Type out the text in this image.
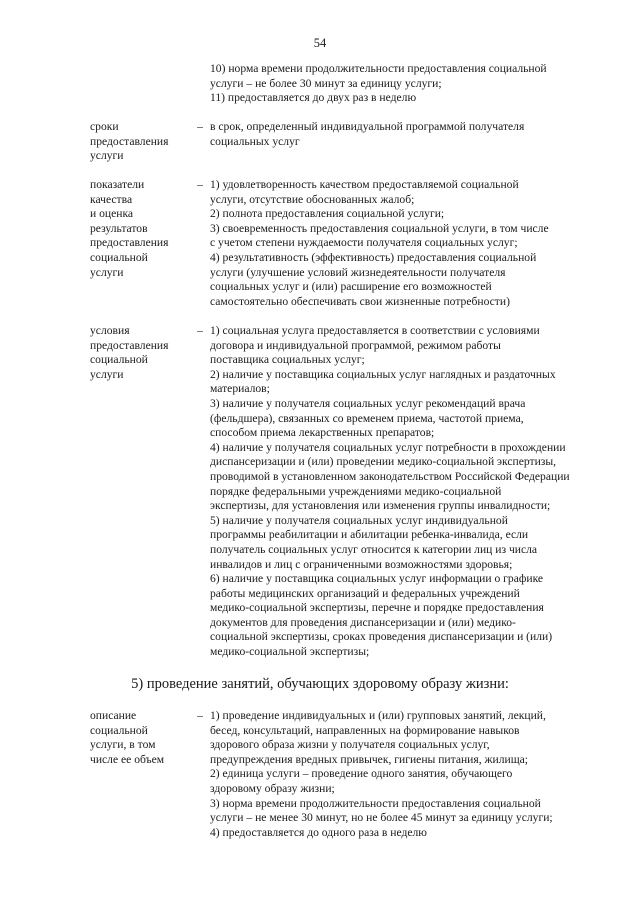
54
10) норма времени продолжительности предоставления социальной
услуги – не более 30 минут за единицу услуги;
11) предоставляется до двух раз в неделю
сроки
предоставления
услуги
– в срок, определенный индивидуальной программой получателя
социальных услуг
показатели
качества
и оценка
результатов
предоставления
социальной
услуги
– 1) удовлетворенность качеством предоставляемой социальной
услуги, отсутствие обоснованных жалоб;
2) полнота предоставления социальной услуги;
3) своевременность предоставления социальной услуги, в том числе
с учетом степени нуждаемости получателя социальных услуг;
4) результативность (эффективность) предоставления социальной
услуги (улучшение условий жизнедеятельности получателя
социальных услуг и (или) расширение его возможностей
самостоятельно обеспечивать свои жизненные потребности)
условия
предоставления
социальной
услуги
– 1) социальная услуга предоставляется в соответствии с условиями
договора и индивидуальной программой, режимом работы
поставщика социальных услуг;
2) наличие у поставщика социальных услуг наглядных и раздаточных
материалов;
3) наличие у получателя социальных услуг рекомендаций врача
(фельдшера), связанных со временем приема, частотой приема,
способом приема лекарственных препаратов;
4) наличие у получателя социальных услуг потребности в прохождении
диспансеризации и (или) проведении медико-социальной экспертизы,
проводимой в установленном законодательством Российской Федерации
порядке федеральными учреждениями медико-социальной
экспертизы, для установления или изменения группы инвалидности;
5) наличие у получателя социальных услуг индивидуальной
программы реабилитации и абилитации ребенка-инвалида, если
получатель социальных услуг относится к категории лиц из числа
инвалидов и лиц с ограниченными возможностями здоровья;
6) наличие у поставщика социальных услуг информации о графике
работы медицинских организаций и федеральных учреждений
медико-социальной экспертизы, перечне и порядке предоставления
документов для проведения диспансеризации и (или) медико-
социальной экспертизы, сроках проведения диспансеризации и (или)
медико-социальной экспертизы;
5) проведение занятий, обучающих здоровому образу жизни:
описание
социальной
услуги, в том
числе ее объем
– 1) проведение индивидуальных и (или) групповых занятий, лекций,
бесед, консультаций, направленных на формирование навыков
здорового образа жизни у получателя социальных услуг,
предупреждения вредных привычек, гигиены питания, жилища;
2) единица услуги – проведение одного занятия, обучающего
здоровому образу жизни;
3) норма времени продолжительности предоставления социальной
услуги – не менее 30 минут, но не более 45 минут за единицу услуги;
4) предоставляется до одного раза в неделю
